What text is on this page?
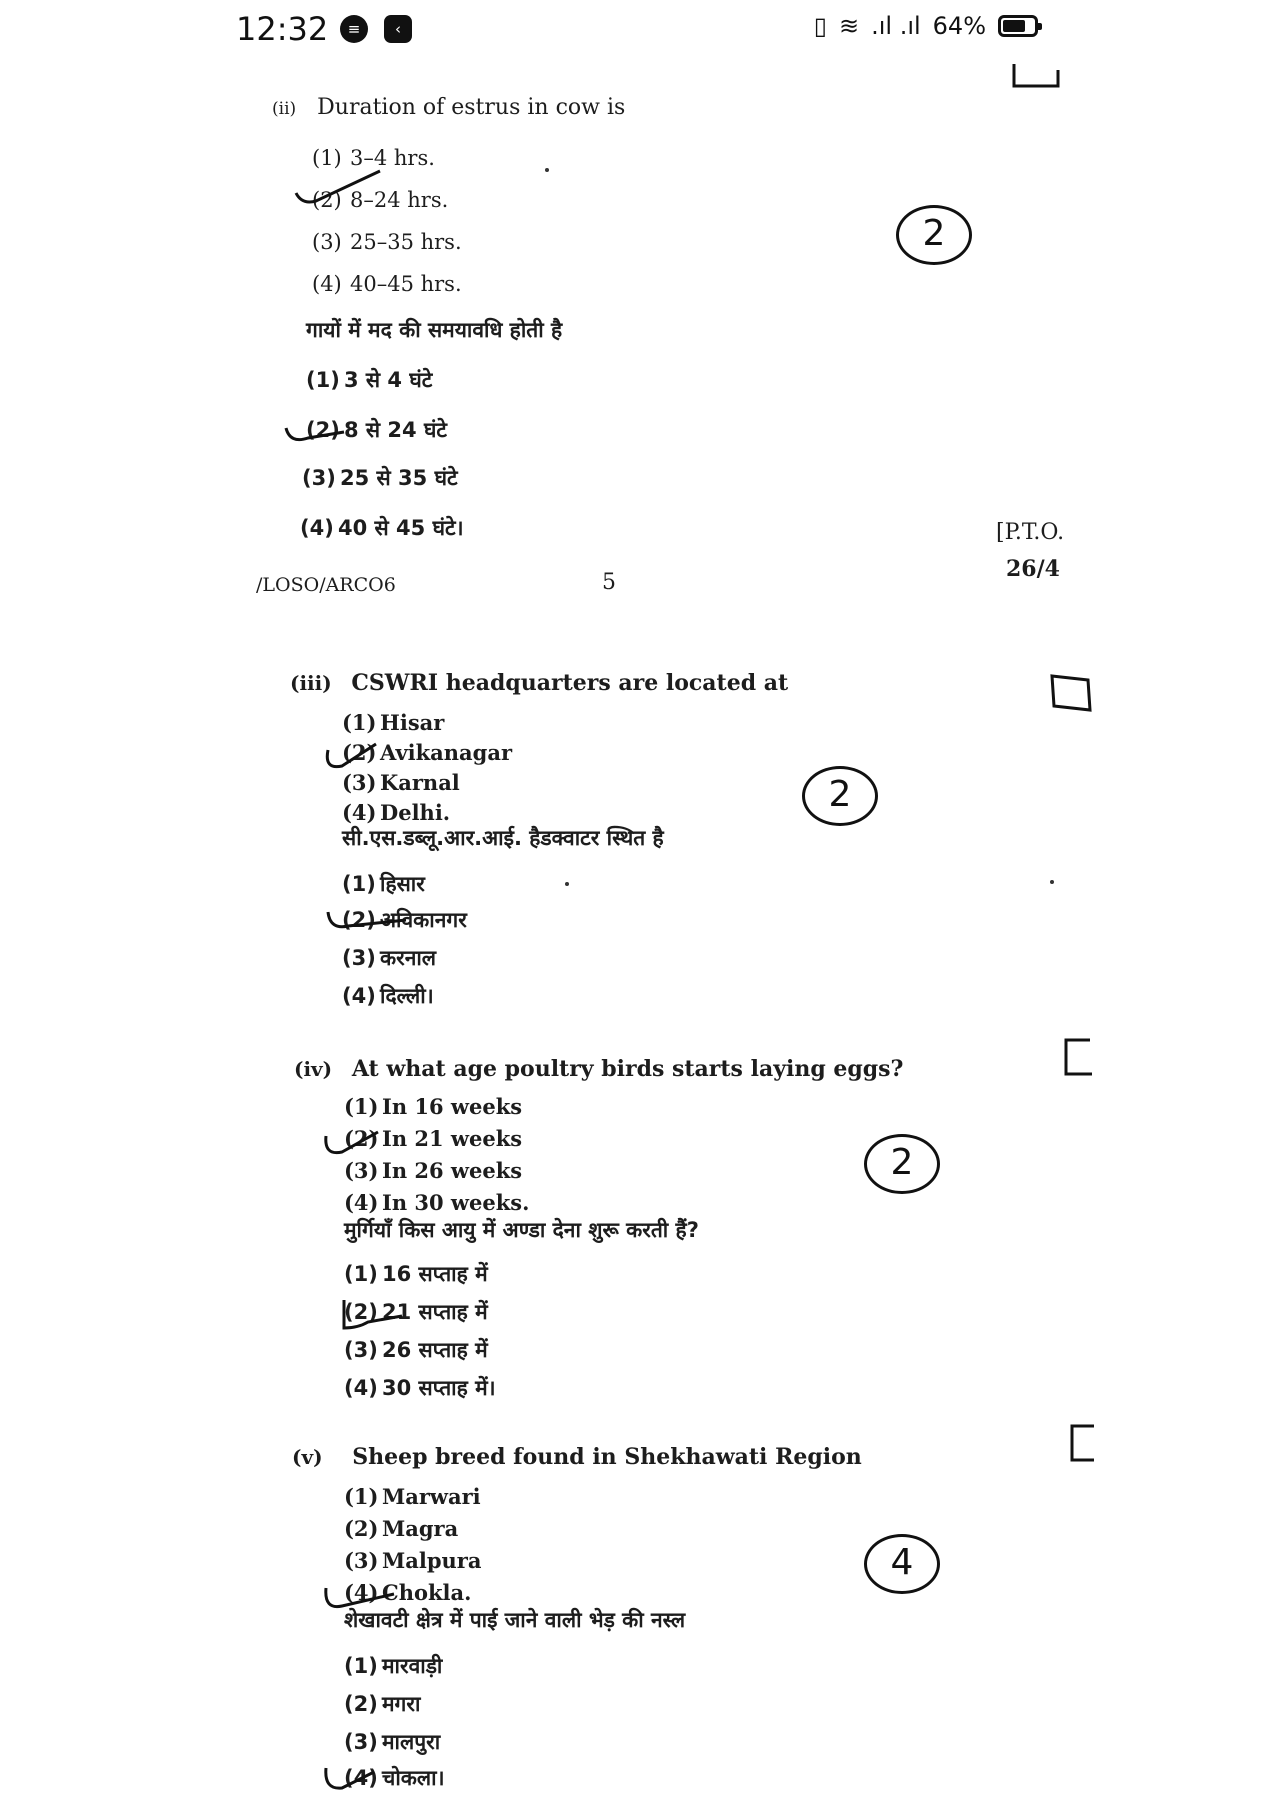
12:32	≡	‹	▯ ≋ .ıl .ıl 64%
(ii) Duration of estrus in cow is
(1) 3–4 hrs.
(2) 8–24 hrs.
(3) 25–35 hrs.
(4) 40–45 hrs.
गायों में मद की समयावधि होती है
(1) 3 से 4 घंटे
(2) 8 से 24 घंटे
(3) 25 से 35 घंटे
(4) 40 से 45 घंटे।
2
/LOSO/ARCO6	5
[P.T.O.
26/4
(iii) CSWRI headquarters are located at
(1) Hisar
(2) Avikanagar
(3) Karnal
(4) Delhi.
सी.एस.डब्लू.आर.आई. हैडक्वाटर स्थित है
(1) हिसार
(2) अविकानगर
(3) करनाल
(4) दिल्ली।
2
(iv) At what age poultry birds starts laying eggs?
(1) In 16 weeks
(2) In 21 weeks
(3) In 26 weeks
(4) In 30 weeks.
मुर्गियाँ किस आयु में अण्डा देना शुरू करती हैं?
(1) 16 सप्ताह में
(2) 21 सप्ताह में
(3) 26 सप्ताह में
(4) 30 सप्ताह में।
2
(v) Sheep breed found in Shekhawati Region
(1) Marwari
(2) Magra
(3) Malpura
(4) Chokla.
शेखावटी क्षेत्र में पाई जाने वाली भेड़ की नस्ल
(1) मारवाड़ी
(2) मगरा
(3) मालपुरा
(4) चोकला।
4
